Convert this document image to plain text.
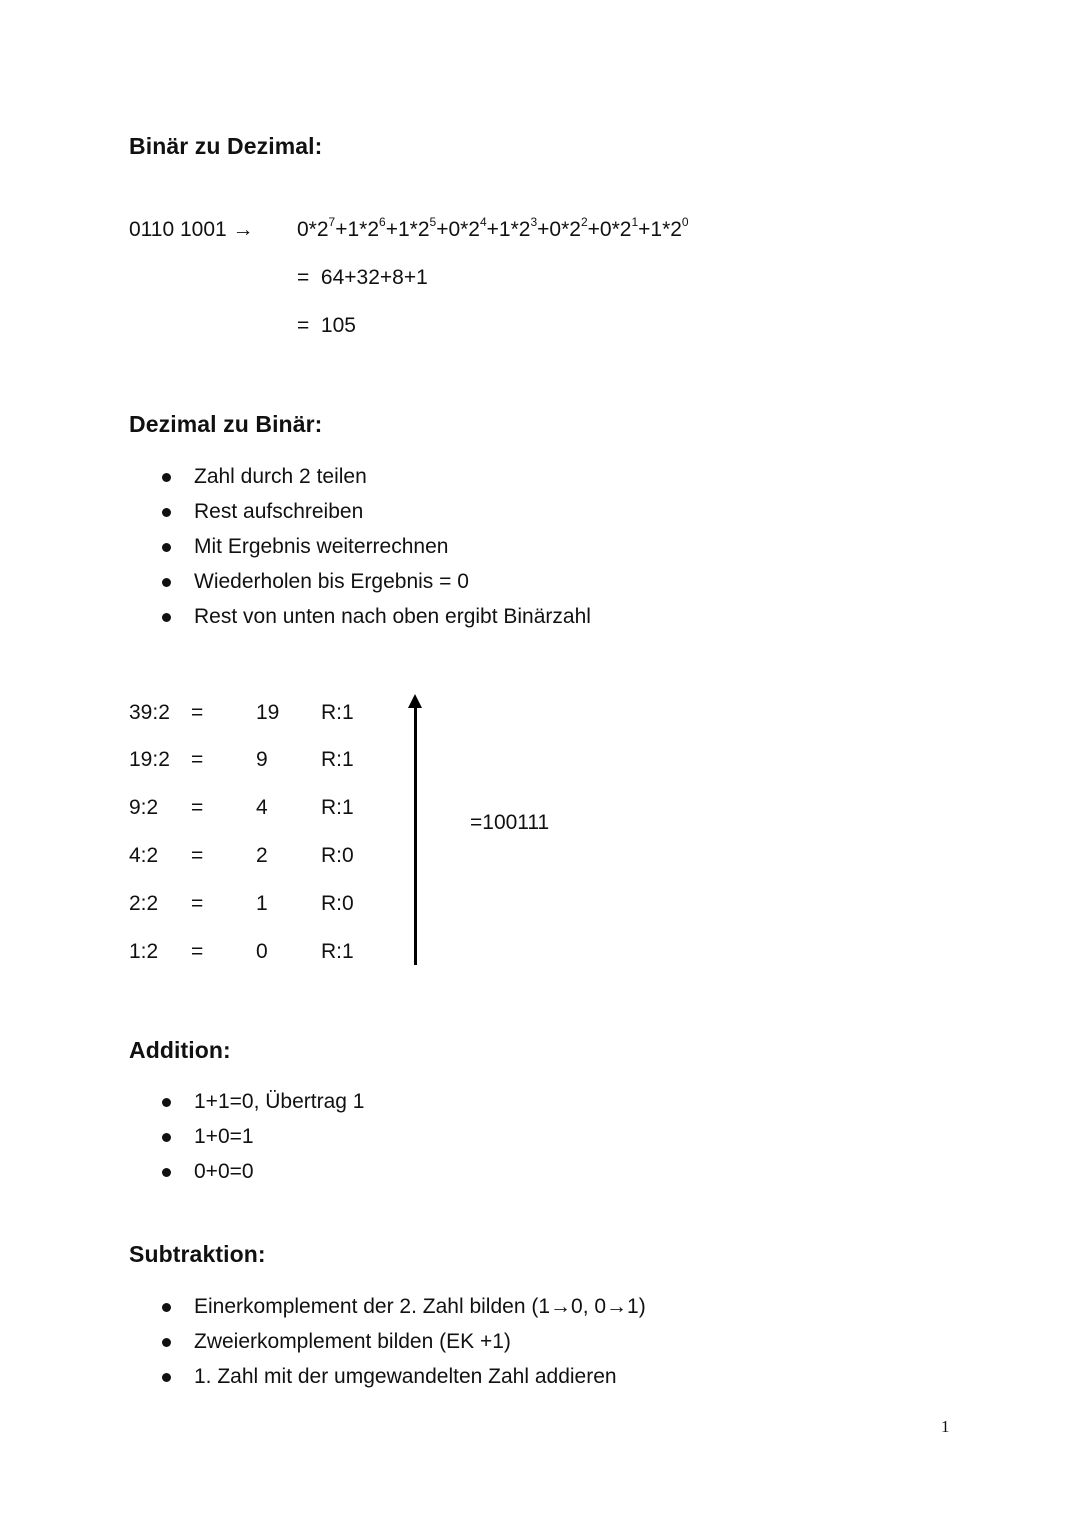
Binär zu Dezimal:
0110 $1001 \to 0*2^7+1*2^6+1*2^5+0*2^4+1*2^3+0*2^2+0*2^1+1*2^0$
=  64+32+8+1
=  105
Dezimal zu Binär:
Zahl durch 2 teilen
Rest aufschreiben
Mit Ergebnis weiterrechnen
Wiederholen bis Ergebnis = 0
Rest von unten nach oben ergibt Binärzahl
39:2 =	19 R:1
19:2 =	9	R:1
9:2 =	4	R:1
4:2 =	2	R:0
2:2 =	1	R:0
1:2 =	0	R:1
=100111
Addition:
1+1=0, Übertrag 1
1+0=1
0+0=0
Subtraktion:
Einerkomplement der 2. Zahl bilden (1→0, 0→1)
Zweierkomplement bilden (EK +1)
1. Zahl mit der umgewandelten Zahl addieren
1
